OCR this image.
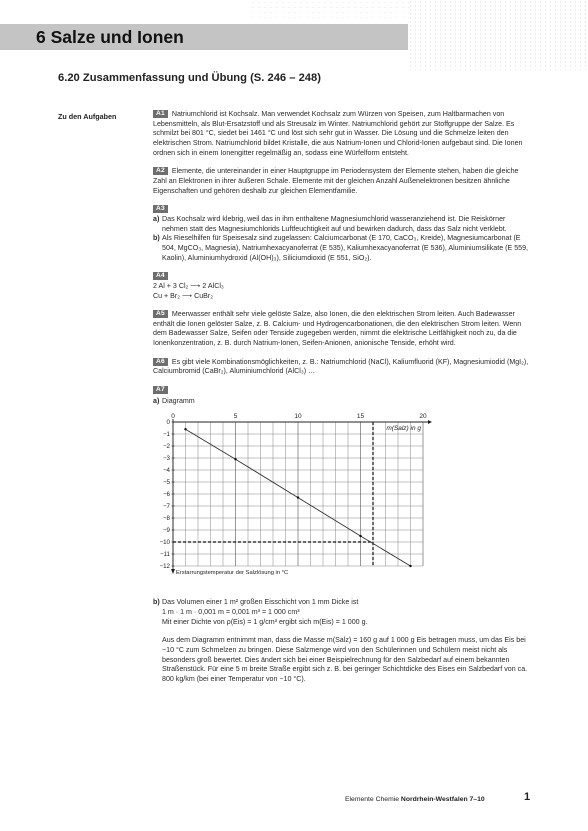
6 Salze und Ionen
6.20 Zusammenfassung und Übung (S. 246 – 248)
Zu den Aufgaben	A1 Natriumchlorid ist Kochsalz. Man verwendet Kochsalz zum Würzen von Speisen, zum Haltbarmachen von Lebensmitteln, als Blut-Ersatzstoff und als Streusalz im Winter. Natriumchlorid gehört zur Stoffgruppe der Salze. Es schmilzt bei 801 °C, siedet bei 1461 °C und löst sich sehr gut in Wasser. Die Lösung und die Schmelze leiten den elektrischen Strom. Natriumchlorid bildet Kristalle, die aus Natrium-Ionen und Chlorid-Ionen aufgebaut sind. Die Ionen ordnen sich in einem Ionengitter regelmäßig an, sodass eine Würfelform entsteht.
A2 Elemente, die untereinander in einer Hauptgruppe im Periodensystem der Elemente stehen, haben die gleiche Zahl an Elektronen in ihrer äußeren Schale. Elemente mit der gleichen Anzahl Außenelektronen besitzen ähnliche Eigenschaften und gehören deshalb zur gleichen Elementfamilie.
A3
a) Das Kochsalz wird klebrig, weil das in ihm enthaltene Magnesiumchlorid wasseranziehend ist. Die Reiskörner nehmen statt des Magnesiumchlorids Luftfeuchtigkeit auf und bewirken dadurch, dass das Salz nicht verklebt.
b) Als Rieselhilfen für Speisesalz sind zugelassen: Calciumcarbonat (E 170, CaCO₃, Kreide), Magnesiumcarbonat (E 504, MgCO₃, Magnesia), Natriumhexacyanoferrat (E 535), Kaliumhexacyanoferrat (E 536), Aluminiumsilikate (E 559, Kaolin), Aluminiumhydroxid (Al(OH)₃), Siliciumdioxid (E 551, SiO₂).
A4
2 Al + 3 Cl₂ ⟶ 2 AlCl₃
Cu + Br₂ ⟶ CuBr₂
A5 Meerwasser enthält sehr viele gelöste Salze, also Ionen, die den elektrischen Strom leiten. Auch Badewasser enthält die Ionen gelöster Salze, z. B. Calcium- und Hydrogencarbonationen, die den elektrischen Strom leiten. Wenn dem Badewasser Salze, Seifen oder Tenside zugegeben werden, nimmt die elektrische Leitfähigkeit noch zu, da die Ionenkonzentration, z. B. durch Natrium-Ionen, Seifen-Anionen, anionische Tenside, erhöht wird.
A6 Es gibt viele Kombinationsmöglichkeiten, z. B.: Natriumchlorid (NaCl), Kaliumfluorid (KF), Magnesiumiodid (MgI₂), Calciumbromid (CaBr₂), Aluminiumchlorid (AlCl₃) …
A7
a) Diagramm
0	5	10	15	20
0
−1
−2
−3
−4
−5
−6
−7
−8
−9
−10
−11
−12
m(Salz) in g
Erstarrungstemperatur der Salzlösung in °C
b) Das Volumen einer 1 m² großen Eisschicht von 1 mm Dicke ist
1 m · 1 m · 0,001 m = 0,001 m³ = 1 000 cm³
Mit einer Dichte von ρ(Eis) = 1 g/cm³ ergibt sich m(Eis) = 1 000 g.
Aus dem Diagramm entnimmt man, dass die Masse m(Salz) = 160 g auf 1 000 g Eis betragen muss, um das Eis bei −10 °C zum Schmelzen zu bringen. Diese Salzmenge wird von den Schülerinnen und Schülern meist nicht als besonders groß bewertet. Dies ändert sich bei einer Beispielrechnung für den Salzbedarf auf einem bekannten Straßenstück. Für eine 5 m breite Straße ergibt sich z. B. bei geringer Schichtdicke des Eises ein Salzbedarf von ca. 800 kg/km (bei einer Temperatur von −10 °C).
Elemente Chemie Nordrhein-Westfalen 7–10	1
